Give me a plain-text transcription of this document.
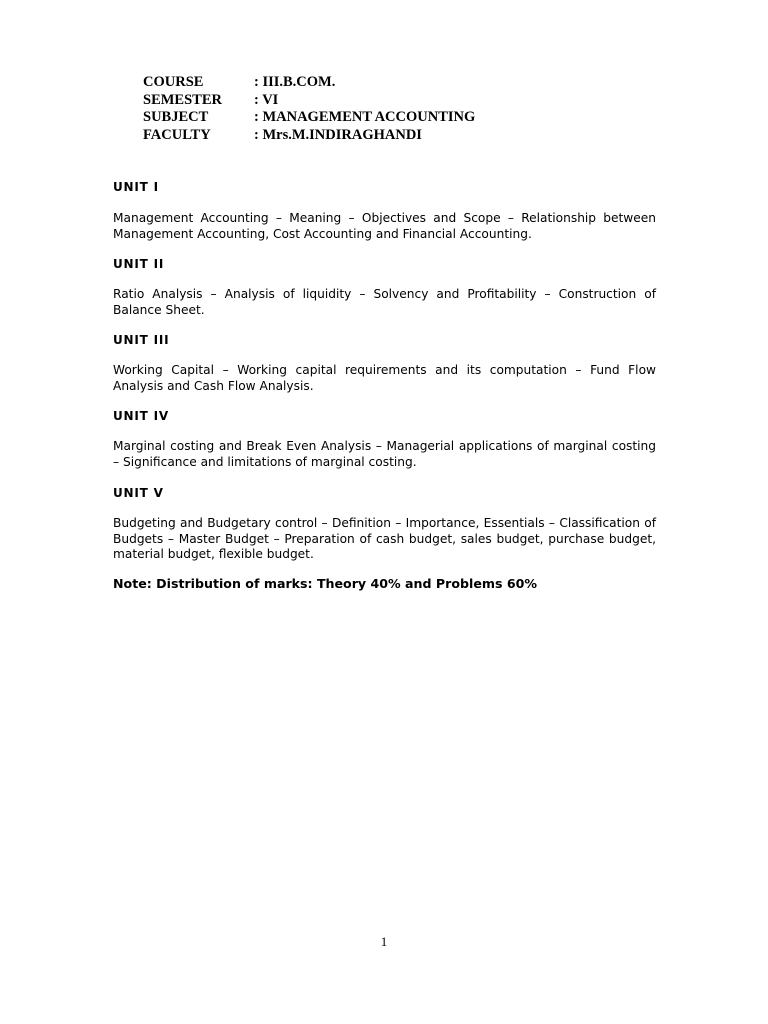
COURSE	: III.B.COM.
SEMESTER	: VI
SUBJECT	: MANAGEMENT ACCOUNTING
FACULTY	: Mrs.M.INDIRAGHANDI
UNIT I
Management Accounting – Meaning – Objectives and Scope – Relationship between Management Accounting, Cost Accounting and Financial Accounting.
UNIT II
Ratio Analysis – Analysis of liquidity – Solvency and Profitability – Construction of Balance Sheet.
UNIT III
Working Capital – Working capital requirements and its computation – Fund Flow Analysis and Cash Flow Analysis.
UNIT IV
Marginal costing and Break Even Analysis – Managerial applications of marginal costing – Significance and limitations of marginal costing.
UNIT V
Budgeting and Budgetary control – Definition – Importance, Essentials – Classification of Budgets – Master Budget – Preparation of cash budget, sales budget, purchase budget, material budget, flexible budget.
Note: Distribution of marks: Theory 40% and Problems 60%
1
